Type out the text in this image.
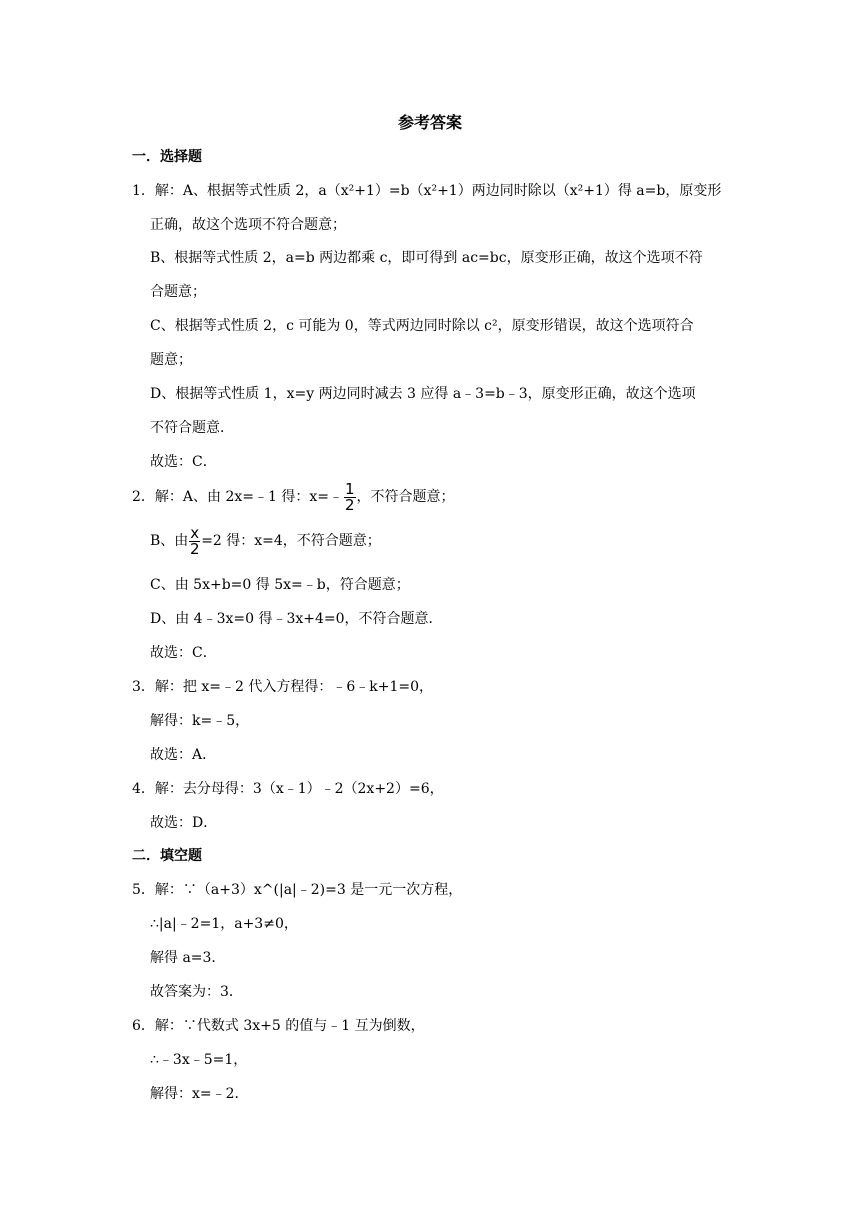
参考答案
一．选择题
1．解：A、根据等式性质 2，a（x²+1）=b（x²+1）两边同时除以（x²+1）得 a=b，原变形
正确，故这个选项不符合题意；
B、根据等式性质 2，a=b 两边都乘 c，即可得到 ac=bc，原变形正确，故这个选项不符
合题意；
C、根据等式性质 2，c 可能为 0，等式两边同时除以 c²，原变形错误，故这个选项符合
题意；
D、根据等式性质 1，x=y 两边同时减去 3 应得 a﹣3=b﹣3，原变形正确，故这个选项
不符合题意．
故选：C．
2．解：A、由 2x=﹣1 得：x=﹣ $\frac{1}{2}$ ，不符合题意；
B、由 $\frac{x}{2} =2$ 得：x=4，不符合题意；
C、由 5x+b=0 得 5x=﹣b，符合题意；
D、由 4﹣3x=0 得﹣3x+4=0，不符合题意．
故选：C．
3．解：把 x=﹣2 代入方程得：﹣6﹣k+1=0，
解得：k=﹣5，
故选：A．
4．解：去分母得：3（x﹣1）﹣2（2x+2）=6，
故选：D．
二．填空题
5．解：∵（a+3）x^(|a|﹣2)=3 是一元一次方程，
∴|a|﹣2=1，a+3≠0，
解得 a=3．
故答案为：3．
6．解：∵代数式 3x+5 的值与﹣1 互为倒数，
∴﹣3x﹣5=1，
解得：x=﹣2．
